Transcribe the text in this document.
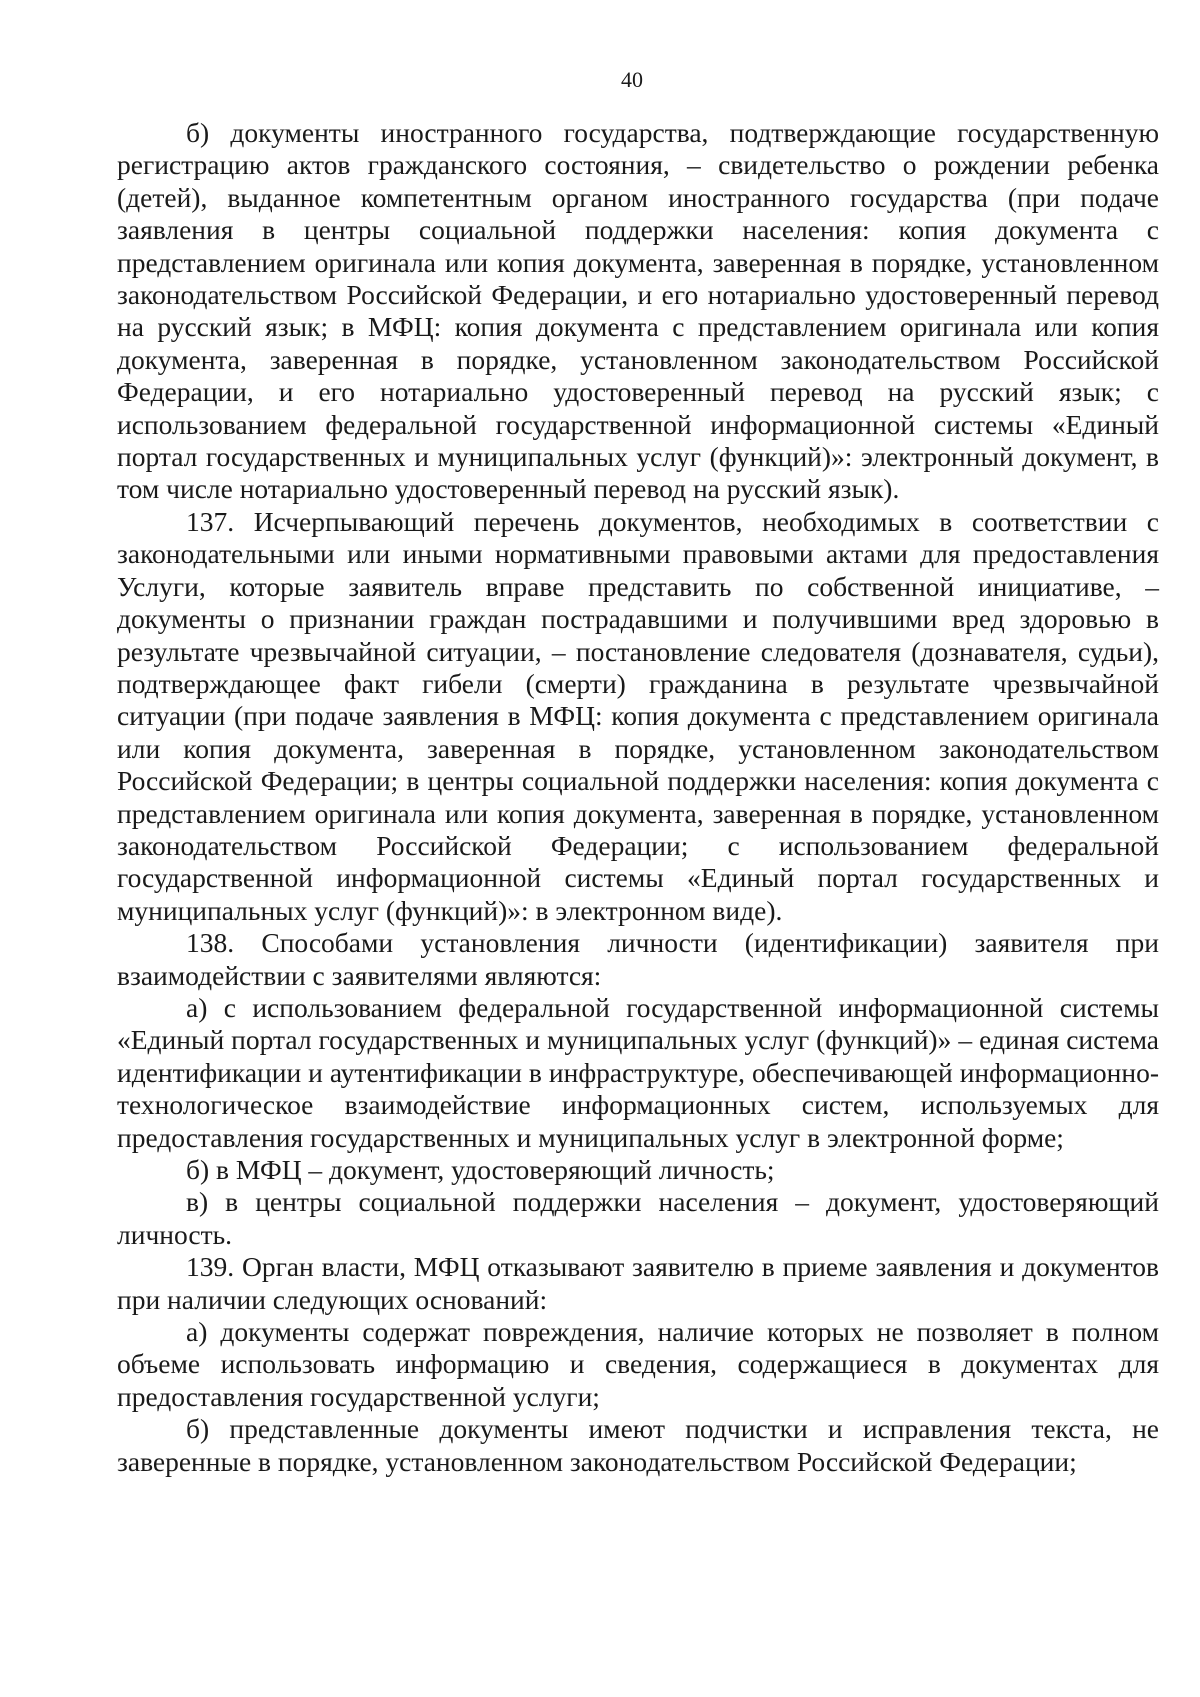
40

б) документы иностранного государства, подтверждающие государственную регистрацию актов гражданского состояния, – свидетельство о рождении ребенка (детей), выданное компетентным органом иностранного государства (при подаче заявления в центры социальной поддержки населения: копия документа с представлением оригинала или копия документа, заверенная в порядке, установленном законодательством Российской Федерации, и его нотариально удостоверенный перевод на русский язык; в МФЦ: копия документа с представлением оригинала или копия документа, заверенная в порядке, установленном законодательством Российской Федерации, и его нотариально удостоверенный перевод на русский язык; с использованием федеральной государственной информационной системы «Единый портал государственных и муниципальных услуг (функций)»: электронный документ, в том числе нотариально удостоверенный перевод на русский язык).

137. Исчерпывающий перечень документов, необходимых в соответствии с законодательными или иными нормативными правовыми актами для предоставления Услуги, которые заявитель вправе представить по собственной инициативе, – документы о признании граждан пострадавшими и получившими вред здоровью в результате чрезвычайной ситуации, – постановление следователя (дознавателя, судьи), подтверждающее факт гибели (смерти) гражданина в результате чрезвычайной ситуации (при подаче заявления в МФЦ: копия документа с представлением оригинала или копия документа, заверенная в порядке, установленном законодательством Российской Федерации; в центры социальной поддержки населения: копия документа с представлением оригинала или копия документа, заверенная в порядке, установленном законодательством Российской Федерации; с использованием федеральной государственной информационной системы «Единый портал государственных и муниципальных услуг (функций)»: в электронном виде).

138. Способами установления личности (идентификации) заявителя при взаимодействии с заявителями являются:

а) с использованием федеральной государственной информационной системы «Единый портал государственных и муниципальных услуг (функций)» – единая система идентификации и аутентификации в инфраструктуре, обеспечивающей информационно-технологическое взаимодействие информационных систем, используемых для предоставления государственных и муниципальных услуг в электронной форме;

б) в МФЦ – документ, удостоверяющий личность;

в) в центры социальной поддержки населения – документ, удостоверяющий личность.

139. Орган власти, МФЦ отказывают заявителю в приеме заявления и документов при наличии следующих оснований:

а) документы содержат повреждения, наличие которых не позволяет в полном объеме использовать информацию и сведения, содержащиеся в документах для предоставления государственной услуги;

б) представленные документы имеют подчистки и исправления текста, не заверенные в порядке, установленном законодательством Российской Федерации;
